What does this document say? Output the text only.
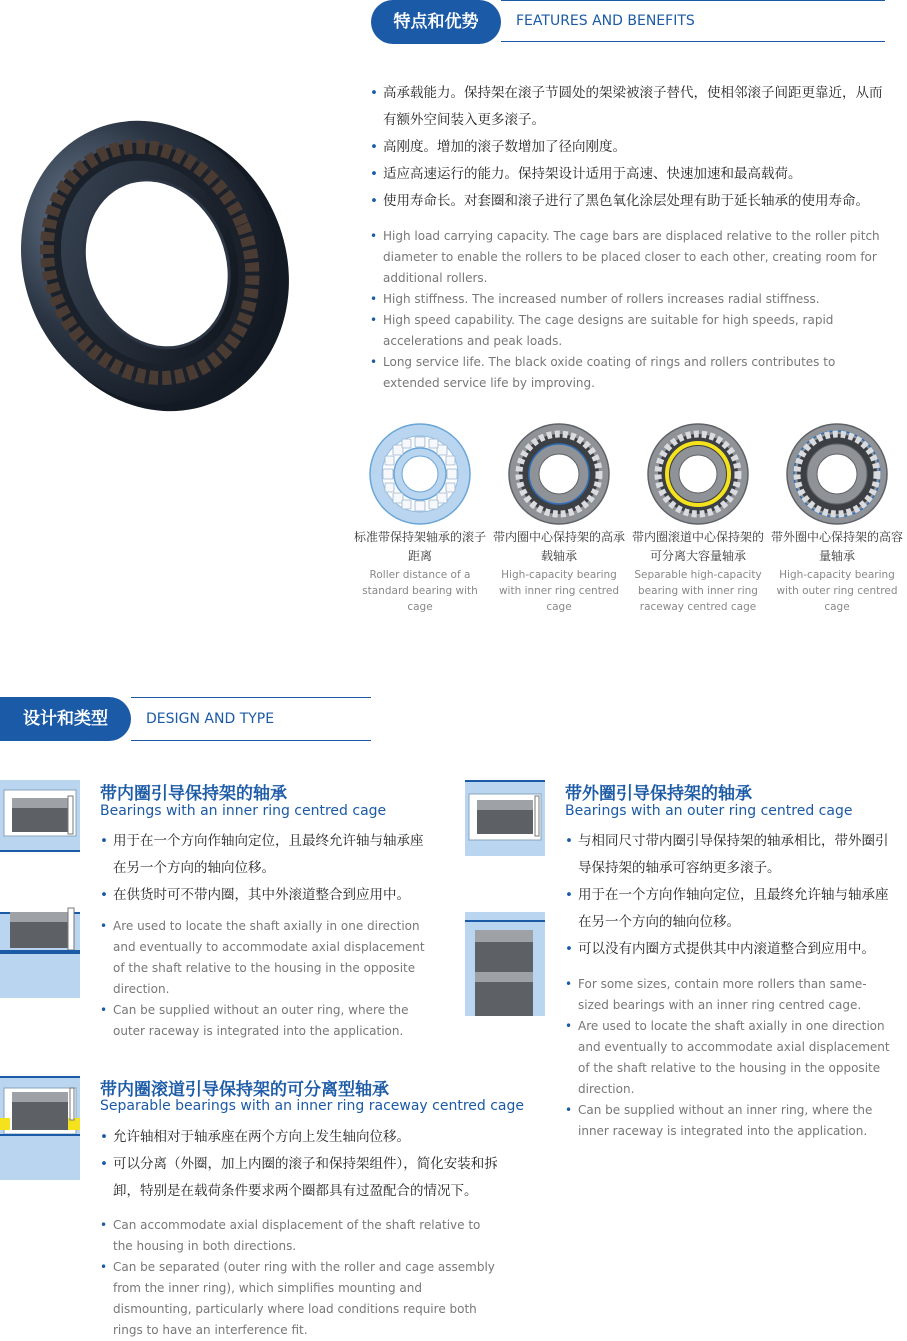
特点和优势	FEATURES AND BENEFITS
• 高承载能力。保持架在滚子节圆处的架梁被滚子替代，使相邻滚子间距更靠近，从而有额外空间装入更多滚子。
• 高刚度。增加的滚子数增加了径向刚度。
• 适应高速运行的能力。保持架设计适用于高速、快速加速和最高载荷。
• 使用寿命长。对套圈和滚子进行了黑色氧化涂层处理有助于延长轴承的使用寿命。
• High load carrying capacity. The cage bars are displaced relative to the roller pitch diameter to enable the rollers to be placed closer to each other, creating room for additional rollers.
• High stiffness. The increased number of rollers increases radial stiffness.
• High speed capability. The cage designs are suitable for high speeds, rapid accelerations and peak loads.
• Long service life. The black oxide coating of rings and rollers contributes to extended service life by improving.
标准带保持架轴承的滚子距离
Roller distance of a standard bearing with cage
带内圈中心保持架的高承载轴承
High-capacity bearing with inner ring centred cage
带内圈滚道中心保持架的可分离大容量轴承
Separable high-capacity bearing with inner ring raceway centred cage
带外圈中心保持架的高容量轴承
High-capacity bearing with outer ring centred cage
设计和类型	DESIGN AND TYPE
带内圈引导保持架的轴承
Bearings with an inner ring centred cage
• 用于在一个方向作轴向定位，且最终允许轴与轴承座在另一个方向的轴向位移。
• 在供货时可不带内圈，其中外滚道整合到应用中。
• Are used to locate the shaft axially in one direction and eventually to accommodate axial displacement of the shaft relative to the housing in the opposite direction.
• Can be supplied without an outer ring, where the outer raceway is integrated into the application.
带外圈引导保持架的轴承
Bearings with an outer ring centred cage
• 与相同尺寸带内圈引导保持架的轴承相比，带外圈引导保持架的轴承可容纳更多滚子。
• 用于在一个方向作轴向定位，且最终允许轴与轴承座在另一个方向的轴向位移。
• 可以没有内圈方式提供其中内滚道整合到应用中。
• For some sizes, contain more rollers than same-sized bearings with an inner ring centred cage.
• Are used to locate the shaft axially in one direction and eventually to accommodate axial displacement of the shaft relative to the housing in the opposite direction.
• Can be supplied without an inner ring, where the inner raceway is integrated into the application.
带内圈滚道引导保持架的可分离型轴承
Separable bearings with an inner ring raceway centred cage
• 允许轴相对于轴承座在两个方向上发生轴向位移。
• 可以分离（外圈，加上内圈的滚子和保持架组件），简化安装和拆卸，特别是在载荷条件要求两个圈都具有过盈配合的情况下。
• Can accommodate axial displacement of the shaft relative to the housing in both directions.
• Can be separated (outer ring with the roller and cage assembly from the inner ring), which simplifies mounting and dismounting, particularly where load conditions require both rings to have an interference fit.
